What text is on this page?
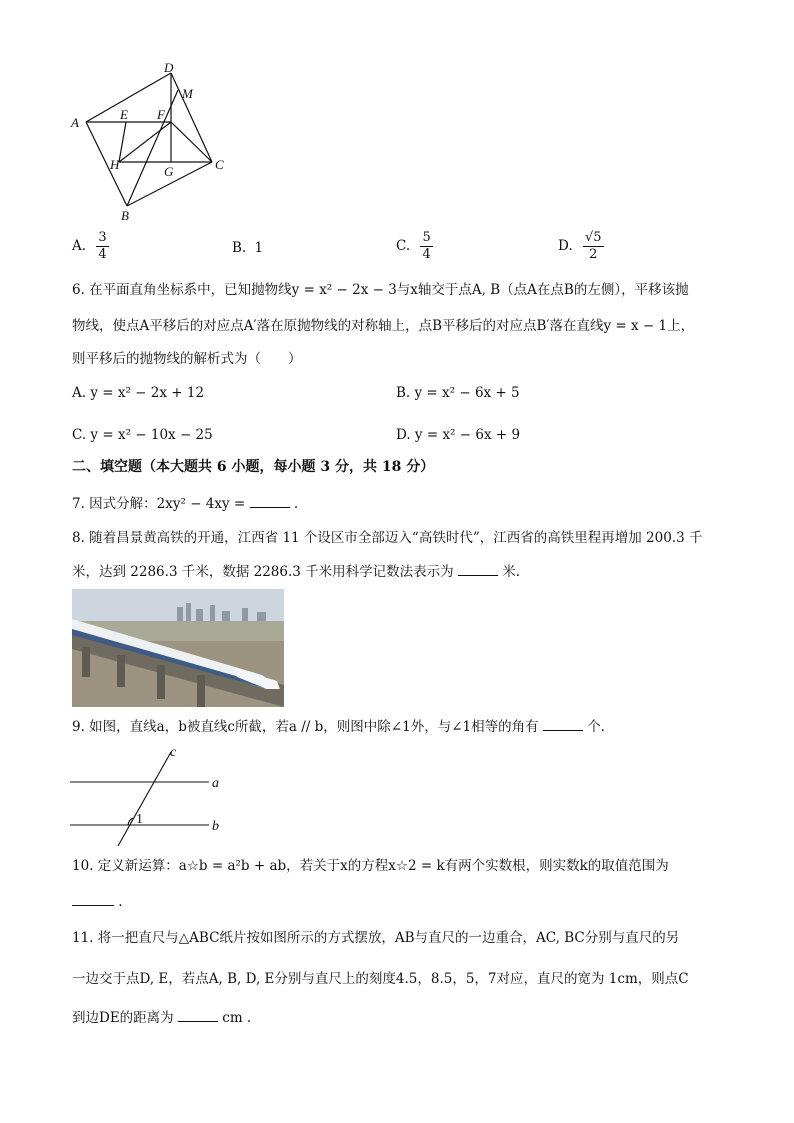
D
M
A
E F
H	G	C
B
A. $\frac{3}{4}$	B. 1	C. $\frac{5}{4}$	D. $\frac{√5}{2}$
6. 在平面直角坐标系中，已知抛物线y = x² − 2x − 3与x轴交于点A, B（点A在点B的左侧），平移该抛
物线，使点A平移后的对应点A′落在原抛物线的对称轴上，点B平移后的对应点B′落在直线y = x − 1上，
则平移后的抛物线的解析式为（　　）
A. y = x² − 2x + 12	B. y = x² − 6x + 5
C. y = x² − 10x − 25	D. y = x² − 6x + 9
二、填空题（本大题共 6 小题，每小题 3 分，共 18 分）
7. 因式分解：2xy² − 4xy =	.
8. 随着昌景黄高铁的开通，江西省 11 个设区市全部迈入“高铁时代”，江西省的高铁里程再增加 200.3 千
米，达到 2286.3 千米，数据 2286.3 千米用科学记数法表示为	米.
9. 如图，直线a，b被直线c所截，若a // b，则图中除∠1外，与∠1相等的角有	个.
c
a
b
1
10. 定义新运算：a☆b = a²b + ab，若关于x的方程x☆2 = k有两个实数根，则实数k的取值范围为
.
11. 将一把直尺与△ABC纸片按如图所示的方式摆放，AB与直尺的一边重合，AC, BC分别与直尺的另
一边交于点D, E，若点A, B, D, E分别与直尺上的刻度4.5，8.5，5，7对应，直尺的宽为 1cm，则点C
到边DE的距离为	cm .
